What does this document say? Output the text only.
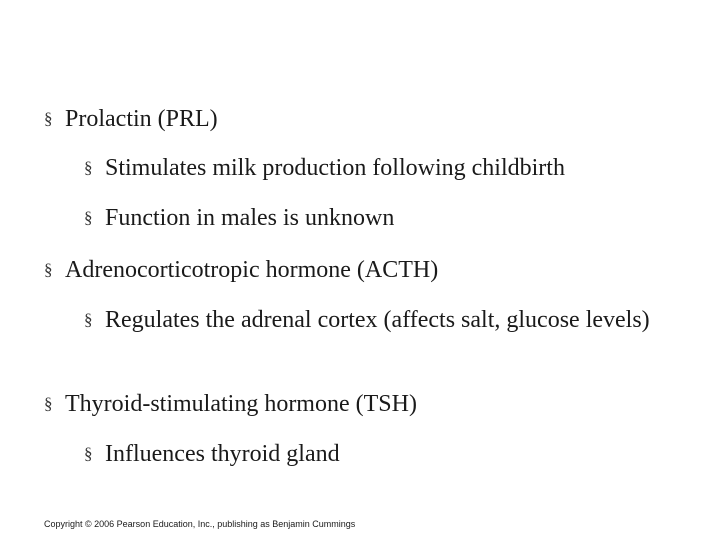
§ Prolactin (PRL)
§ Stimulates milk production following childbirth
§ Function in males is unknown
§ Adrenocorticotropic hormone (ACTH)
§ Regulates the adrenal cortex (affects salt, glucose levels)
§ Thyroid-stimulating hormone (TSH)
§ Influences thyroid gland
Copyright © 2006 Pearson Education, Inc., publishing as Benjamin Cummings
